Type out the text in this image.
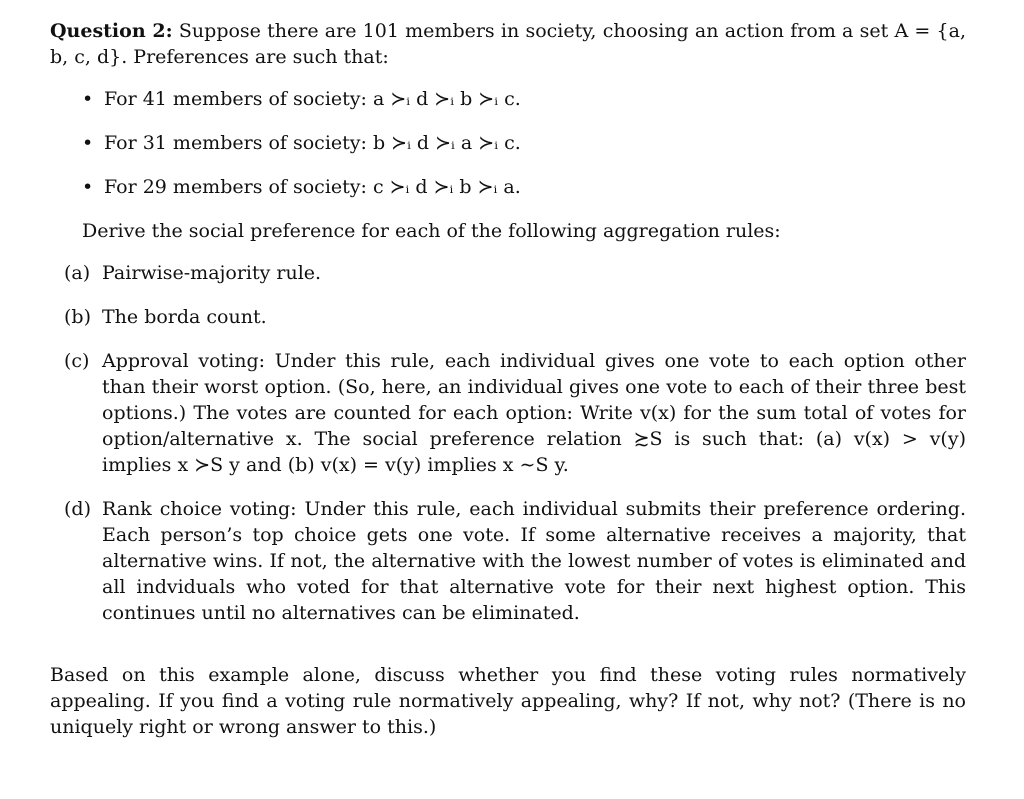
Question 2: Suppose there are 101 members in society, choosing an action from a set A = {a, b, c, d}. Preferences are such that:

• For 41 members of society: a ≻ᵢ d ≻ᵢ b ≻ᵢ c.
• For 31 members of society: b ≻ᵢ d ≻ᵢ a ≻ᵢ c.
• For 29 members of society: c ≻ᵢ d ≻ᵢ b ≻ᵢ a.

Derive the social preference for each of the following aggregation rules:

(a) Pairwise-majority rule.
(b) The borda count.
(c) Approval voting: Under this rule, each individual gives one vote to each option other than their worst option. (So, here, an individual gives one vote to each of their three best options.) The votes are counted for each option: Write v(x) for the sum total of votes for option/alternative x. The social preference relation ≿S is such that: (a) v(x) > v(y) implies x ≻S y and (b) v(x) = v(y) implies x ∼S y.
(d) Rank choice voting: Under this rule, each individual submits their preference ordering. Each person’s top choice gets one vote. If some alternative receives a majority, that alternative wins. If not, the alternative with the lowest number of votes is eliminated and all indviduals who voted for that alternative vote for their next highest option. This continues until no alternatives can be eliminated.

Based on this example alone, discuss whether you find these voting rules normatively appealing. If you find a voting rule normatively appealing, why? If not, why not? (There is no uniquely right or wrong answer to this.)
